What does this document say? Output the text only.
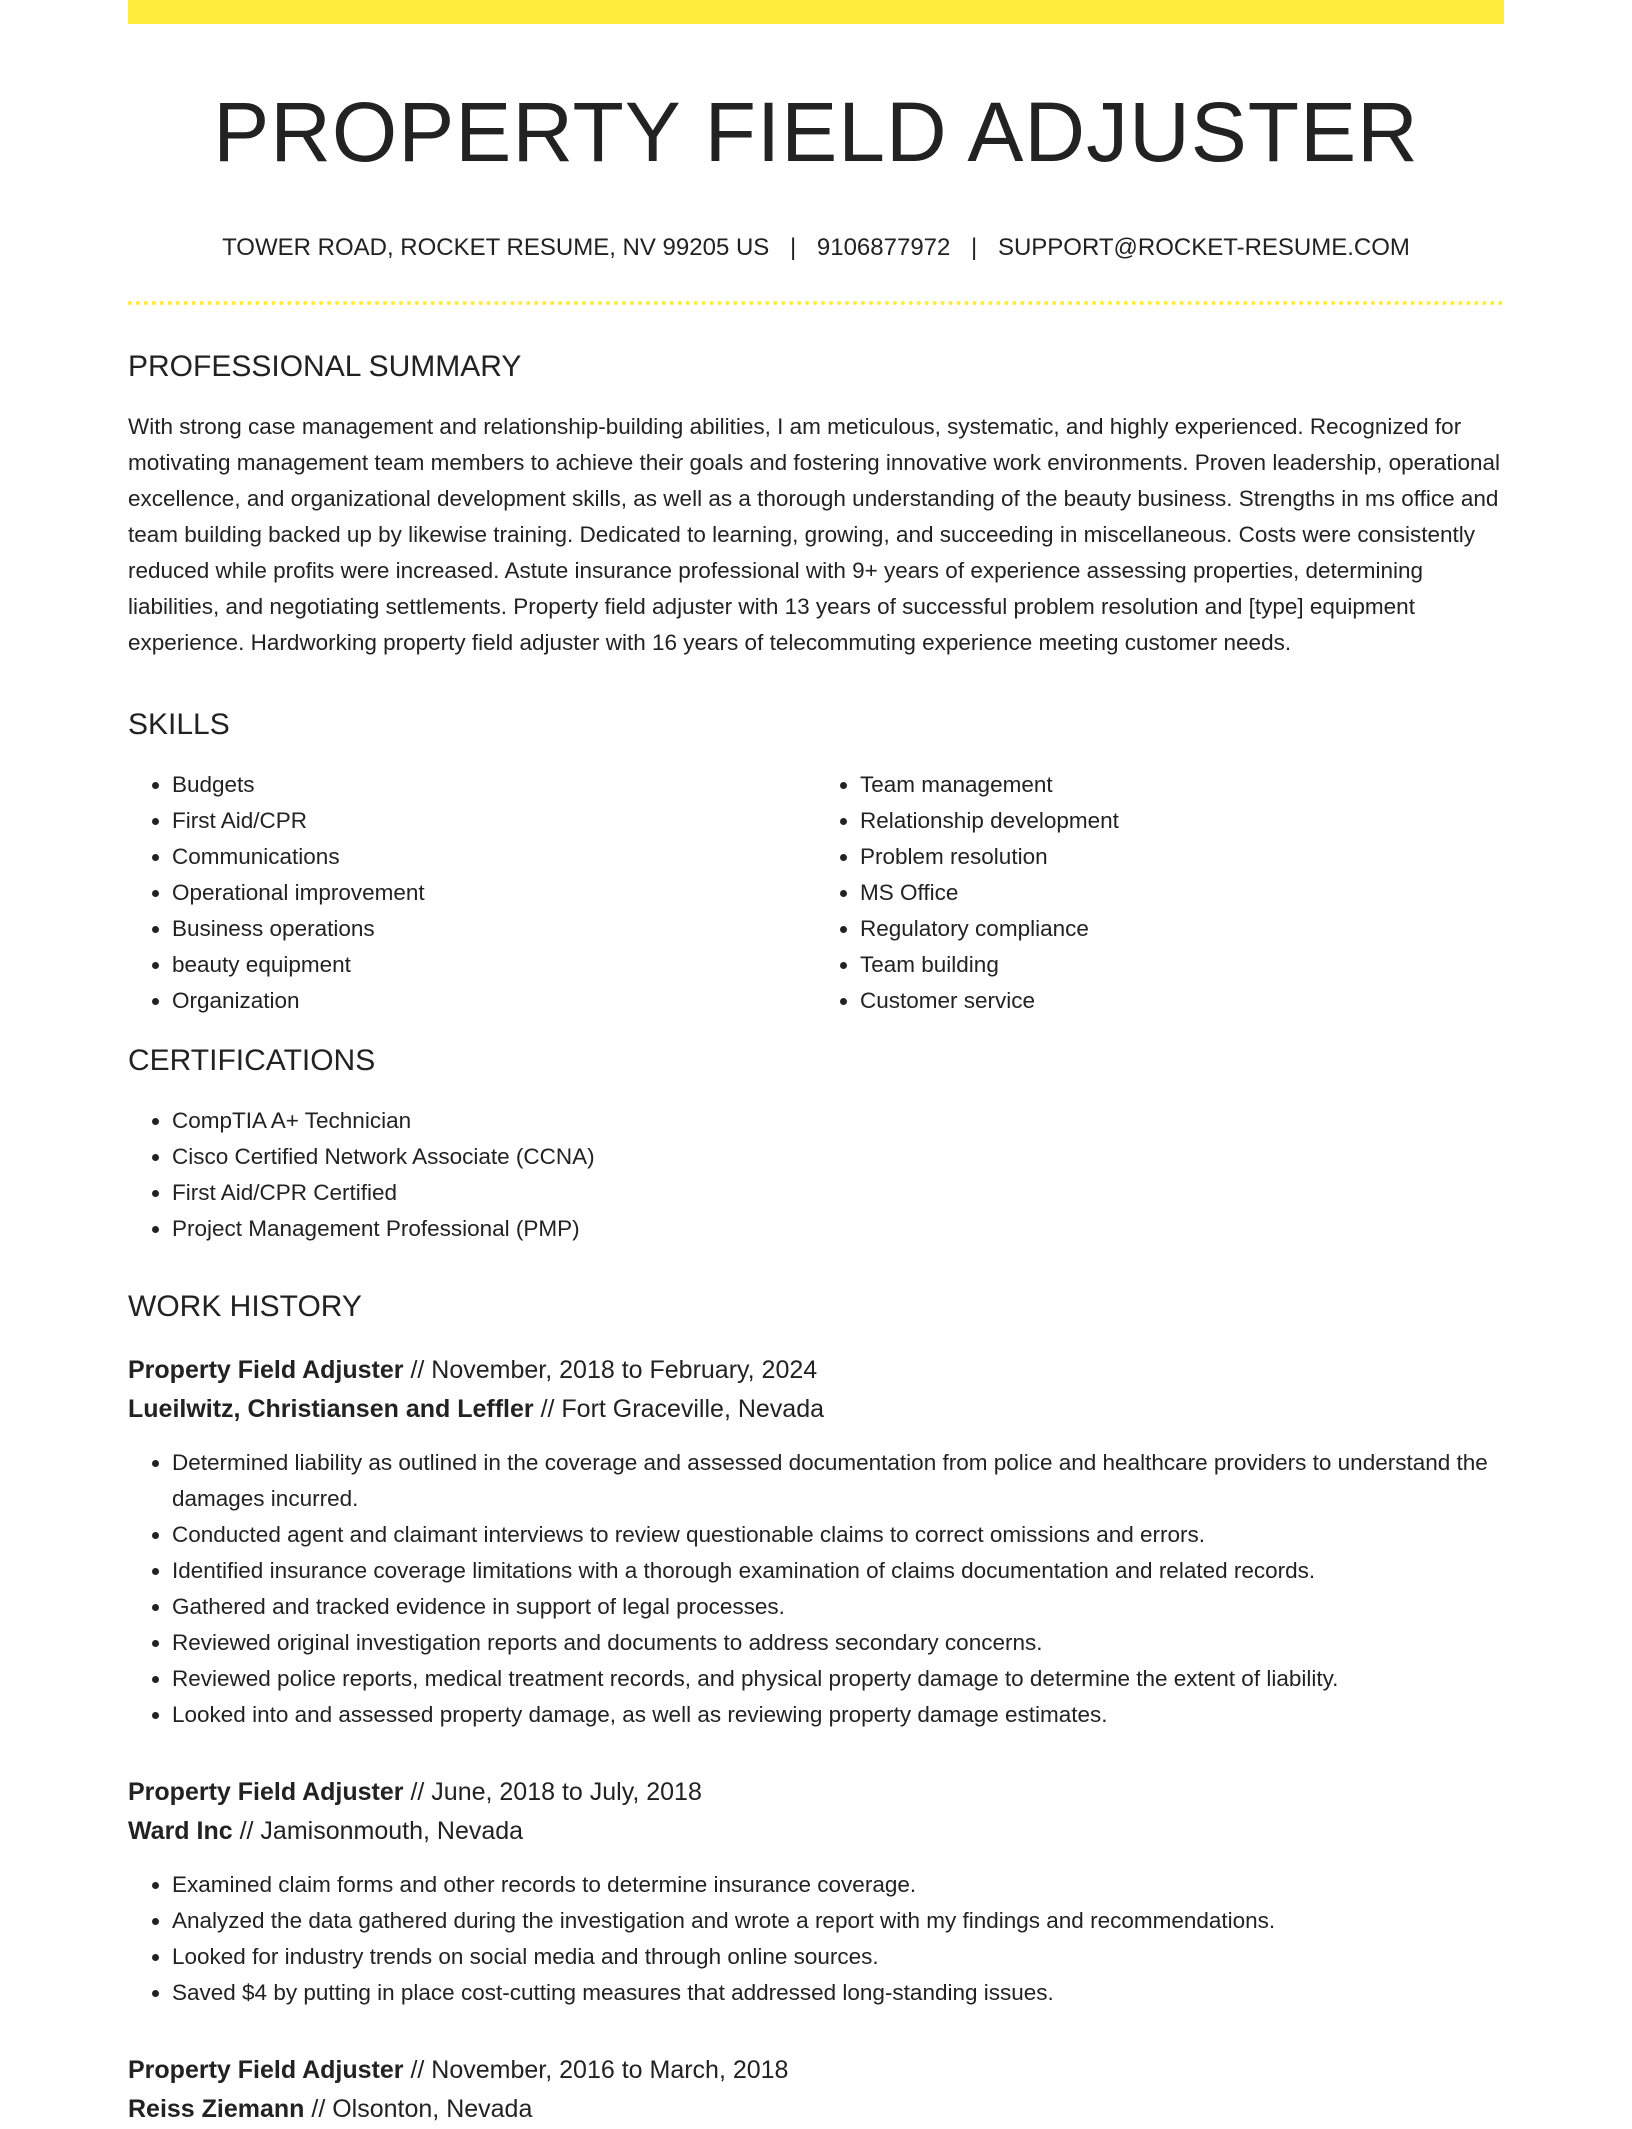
PROPERTY FIELD ADJUSTER
TOWER ROAD, ROCKET RESUME, NV 99205 US | 9106877972 | SUPPORT@ROCKET-RESUME.COM
PROFESSIONAL SUMMARY

With strong case management and relationship-building abilities, I am meticulous, systematic, and highly experienced. Recognized for motivating management team members to achieve their goals and fostering innovative work environments. Proven leadership, operational excellence, and organizational development skills, as well as a thorough understanding of the beauty business. Strengths in ms office and team building backed up by likewise training. Dedicated to learning, growing, and succeeding in miscellaneous. Costs were consistently reduced while profits were increased. Astute insurance professional with 9+ years of experience assessing properties, determining liabilities, and negotiating settlements. Property field adjuster with 13 years of successful problem resolution and [type] equipment experience. Hardworking property field adjuster with 16 years of telecommuting experience meeting customer needs.

SKILLS
• Budgets
• First Aid/CPR
• Communications
• Operational improvement
• Business operations
• beauty equipment
• Organization
• Team management
• Relationship development
• Problem resolution
• MS Office
• Regulatory compliance
• Team building
• Customer service
CERTIFICATIONS
• CompTIA A+ Technician
• Cisco Certified Network Associate (CCNA)
• First Aid/CPR Certified
• Project Management Professional (PMP)
WORK HISTORY
Property Field Adjuster // November, 2018 to February, 2024
Lueilwitz, Christiansen and Leffler // Fort Graceville, Nevada
• Determined liability as outlined in the coverage and assessed documentation from police and healthcare providers to understand the damages incurred.
• Conducted agent and claimant interviews to review questionable claims to correct omissions and errors.
• Identified insurance coverage limitations with a thorough examination of claims documentation and related records.
• Gathered and tracked evidence in support of legal processes.
• Reviewed original investigation reports and documents to address secondary concerns.
• Reviewed police reports, medical treatment records, and physical property damage to determine the extent of liability.
• Looked into and assessed property damage, as well as reviewing property damage estimates.
Property Field Adjuster // June, 2018 to July, 2018
Ward Inc // Jamisonmouth, Nevada
• Examined claim forms and other records to determine insurance coverage.
• Analyzed the data gathered during the investigation and wrote a report with my findings and recommendations.
• Looked for industry trends on social media and through online sources.
• Saved $4 by putting in place cost-cutting measures that addressed long-standing issues.
Property Field Adjuster // November, 2016 to March, 2018
Reiss Ziemann // Olsonton, Nevada
